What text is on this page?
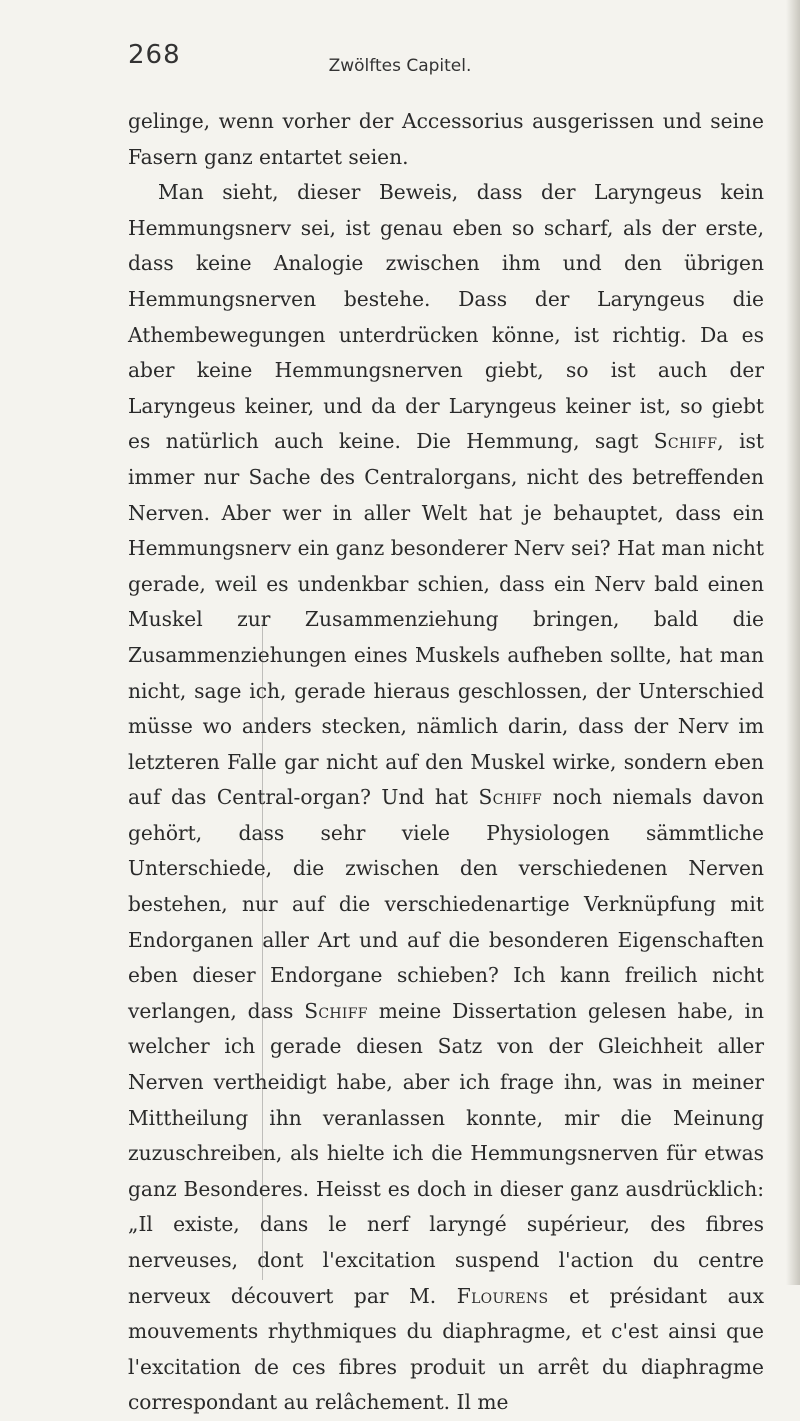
268	Zwölftes Capitel.

gelinge, wenn vorher der Accessorius ausgerissen und seine Fasern ganz entartet seien.

Man sieht, dieser Beweis, dass der Laryngeus kein Hemmungsnerv sei, ist genau eben so scharf, als der erste, dass keine Analogie zwischen ihm und den übrigen Hemmungsnerven bestehe. Dass der Laryngeus die Athembewegungen unterdrücken könne, ist richtig. Da es aber keine Hemmungsnerven giebt, so ist auch der Laryngeus keiner, und da der Laryngeus keiner ist, so giebt es natürlich auch keine. Die Hemmung, sagt Schiff, ist immer nur Sache des Centralorgans, nicht des betreffenden Nerven. Aber wer in aller Welt hat je behauptet, dass ein Hemmungsnerv ein ganz besonderer Nerv sei? Hat man nicht gerade, weil es undenkbar schien, dass ein Nerv bald einen Muskel zur Zusammenziehung bringen, bald die Zusammenziehungen eines Muskels aufheben sollte, hat man nicht, sage ich, gerade hieraus geschlossen, der Unterschied müsse wo anders stecken, nämlich darin, dass der Nerv im letzteren Falle gar nicht auf den Muskel wirke, sondern eben auf das Central-organ? Und hat Schiff noch niemals davon gehört, dass sehr viele Physiologen sämmtliche Unterschiede, die zwischen den verschiedenen Nerven bestehen, nur auf die verschiedenartige Verknüpfung mit Endorganen aller Art und auf die besonderen Eigenschaften eben dieser Endorgane schieben? Ich kann freilich nicht verlangen, dass Schiff meine Dissertation gelesen habe, in welcher ich gerade diesen Satz von der Gleichheit aller Nerven vertheidigt habe, aber ich frage ihn, was in meiner Mittheilung ihn veranlassen konnte, mir die Meinung zuzuschreiben, als hielte ich die Hemmungsnerven für etwas ganz Besonderes. Heisst es doch in dieser ganz ausdrücklich: „Il existe, dans le nerf laryngé supérieur, des fibres nerveuses, dont l'excitation suspend l'action du centre nerveux découvert par M. Flourens et présidant aux mouvements rhythmiques du diaphragme, et c'est ainsi que l'excitation de ces fibres produit un arrêt du diaphragme correspondant au relâchement. Il me
